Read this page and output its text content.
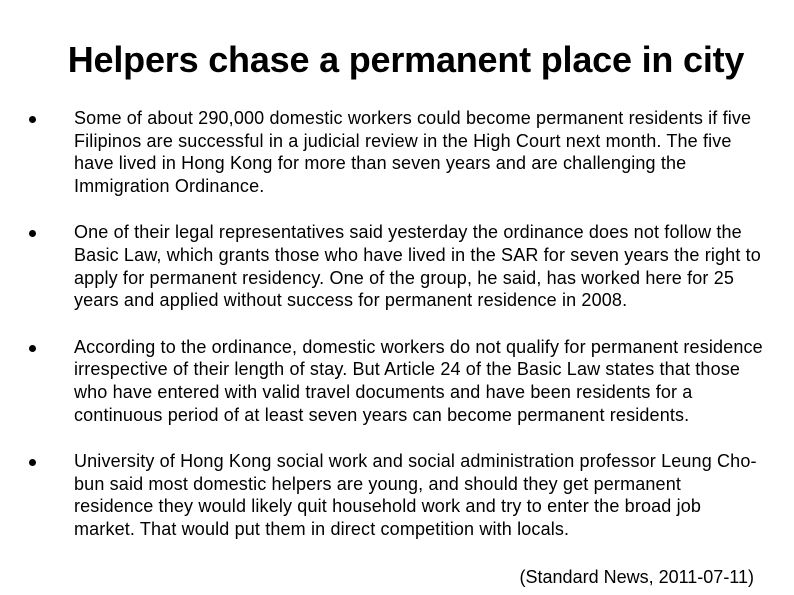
Helpers chase a permanent place in city
Some of about 290,000 domestic workers could become permanent residents if five Filipinos are successful in a judicial review in the High Court next month. The five have lived in Hong Kong for more than seven years and are challenging the Immigration Ordinance.
One of their legal representatives said yesterday the ordinance does not follow the Basic Law, which grants those who have lived in the SAR for seven years the right to apply for permanent residency. One of the group, he said, has worked here for 25 years and applied without success for permanent residence in 2008.
According to the ordinance, domestic workers do not qualify for permanent residence irrespective of their length of stay. But Article 24 of the Basic Law states that those who have entered with valid travel documents and have been residents for a continuous period of at least seven years can become permanent residents.
University of Hong Kong social work and social administration professor Leung Cho-bun said most domestic helpers are young, and should they get permanent residence they would likely quit household work and try to enter the broad job market. That would put them in direct competition with locals.
(Standard News, 2011-07-11)
